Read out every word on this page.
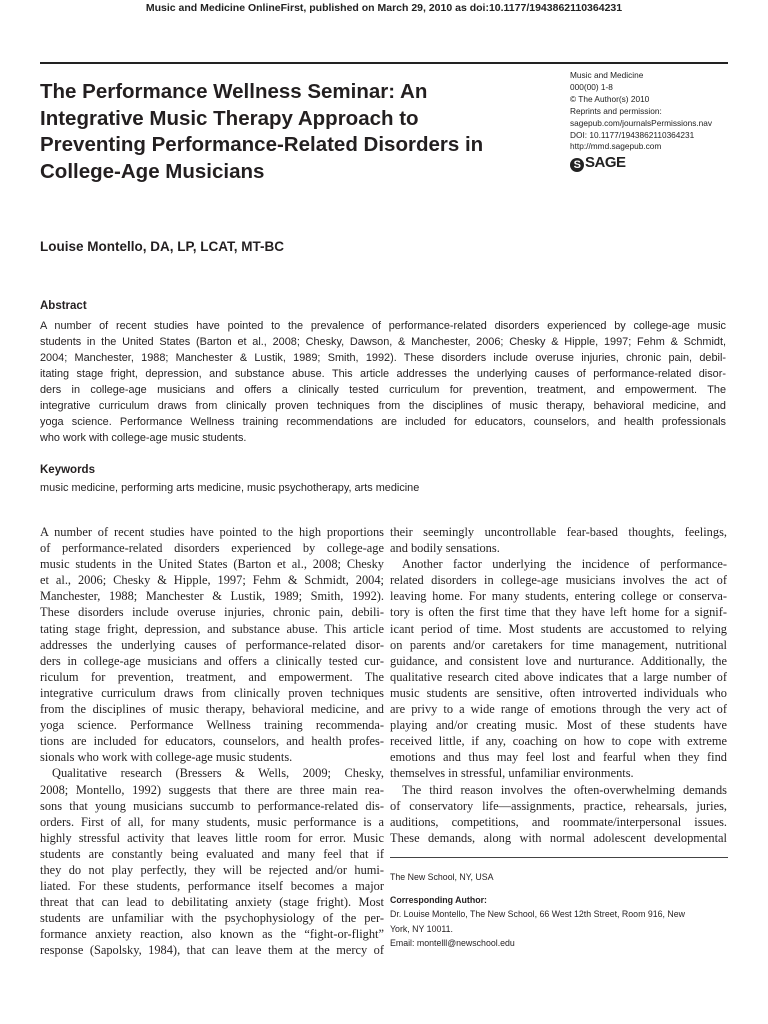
Music and Medicine OnlineFirst, published on March 29, 2010 as doi:10.1177/1943862110364231
Music and Medicine
000(00) 1-8
© The Author(s) 2010
Reprints and permission:
sagepub.com/journalsPermissions.nav
DOI: 10.1177/1943862110364231
http://mmd.sagepub.com
S SAGE
The Performance Wellness Seminar: An Integrative Music Therapy Approach to Preventing Performance-Related Disorders in College-Age Musicians
Louise Montello, DA, LP, LCAT, MT-BC
Abstract
A number of recent studies have pointed to the prevalence of performance-related disorders experienced by college-age music
students in the United States (Barton et al., 2008; Chesky, Dawson, & Manchester, 2006; Chesky & Hipple, 1997; Fehm & Schmidt,
2004; Manchester, 1988; Manchester & Lustik, 1989; Smith, 1992). These disorders include overuse injuries, chronic pain, debil-
itating stage fright, depression, and substance abuse. This article addresses the underlying causes of performance-related disor-
ders in college-age musicians and offers a clinically tested curriculum for prevention, treatment, and empowerment. The
integrative curriculum draws from clinically proven techniques from the disciplines of music therapy, behavioral medicine, and
yoga science. Performance Wellness training recommendations are included for educators, counselors, and health professionals
who work with college-age music students.
Keywords
music medicine, performing arts medicine, music psychotherapy, arts medicine
A number of recent studies have pointed to the high proportions
of performance-related disorders experienced by college-age
music students in the United States (Barton et al., 2008; Chesky
et al., 2006; Chesky & Hipple, 1997; Fehm & Schmidt, 2004;
Manchester, 1988; Manchester & Lustik, 1989; Smith, 1992).
These disorders include overuse injuries, chronic pain, debili-
tating stage fright, depression, and substance abuse. This article
addresses the underlying causes of performance-related disor-
ders in college-age musicians and offers a clinically tested cur-
riculum for prevention, treatment, and empowerment. The
integrative curriculum draws from clinically proven techniques
from the disciplines of music therapy, behavioral medicine, and
yoga science. Performance Wellness training recommenda-
tions are included for educators, counselors, and health profes-
sionals who work with college-age music students.
Qualitative research (Bressers & Wells, 2009; Chesky,
2008; Montello, 1992) suggests that there are three main rea-
sons that young musicians succumb to performance-related dis-
orders. First of all, for many students, music performance is a
highly stressful activity that leaves little room for error. Music
students are constantly being evaluated and many feel that if
they do not play perfectly, they will be rejected and/or humi-
liated. For these students, performance itself becomes a major
threat that can lead to debilitating anxiety (stage fright). Most
students are unfamiliar with the psychophysiology of the per-
formance anxiety reaction, also known as the “fight-or-flight”
response (Sapolsky, 1984), that can leave them at the mercy of
their seemingly uncontrollable fear-based thoughts, feelings,
and bodily sensations.
Another factor underlying the incidence of performance-
related disorders in college-age musicians involves the act of
leaving home. For many students, entering college or conserva-
tory is often the first time that they have left home for a signif-
icant period of time. Most students are accustomed to relying
on parents and/or caretakers for time management, nutritional
guidance, and consistent love and nurturance. Additionally, the
qualitative research cited above indicates that a large number of
music students are sensitive, often introverted individuals who
are privy to a wide range of emotions through the very act of
playing and/or creating music. Most of these students have
received little, if any, coaching on how to cope with extreme
emotions and thus may feel lost and fearful when they find
themselves in stressful, unfamiliar environments.
The third reason involves the often-overwhelming demands
of conservatory life—assignments, practice, rehearsals, juries,
auditions, competitions, and roommate/interpersonal issues.
These demands, along with normal adolescent developmental
The New School, NY, USA
Corresponding Author:
Dr. Louise Montello, The New School, 66 West 12th Street, Room 916, New
York, NY 10011.
Email: montelll@newschool.edu
